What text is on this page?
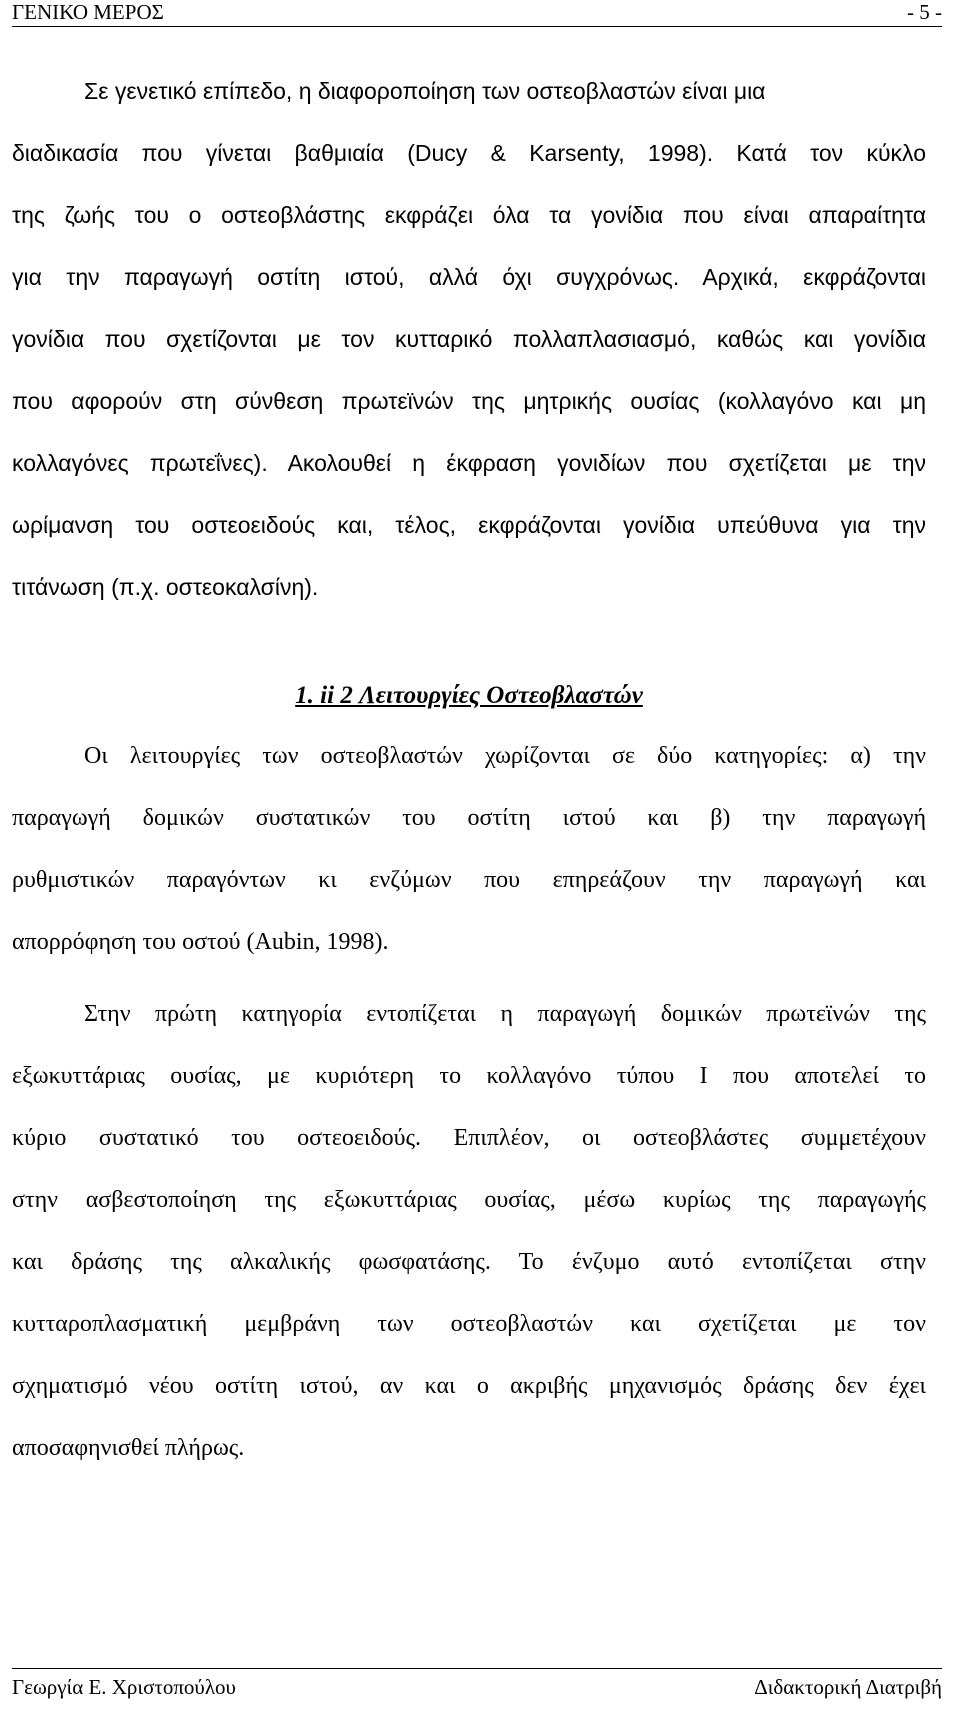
ΓΕΝΙΚΟ ΜΕΡΟΣ	- 5 -
Σε γενετικό επίπεδο, η διαφοροποίηση των οστεοβλαστών είναι μια
διαδικασία που γίνεται βαθμιαία (Ducy & Karsenty, 1998). Κατά τον κύκλο
της ζωής του ο οστεοβλάστης εκφράζει όλα τα γονίδια που είναι απαραίτητα
για την παραγωγή οστίτη ιστού, αλλά όχι συγχρόνως. Αρχικά, εκφράζονται
γονίδια που σχετίζονται με τον κυτταρικό πολλαπλασιασμό, καθώς και γονίδια
που αφορούν στη σύνθεση πρωτεϊνών της μητρικής ουσίας (κολλαγόνο και μη
κολλαγόνες πρωτεΐνες). Ακολουθεί η έκφραση γονιδίων που σχετίζεται με την
ωρίμανση του οστεοειδούς και, τέλος, εκφράζονται γονίδια υπεύθυνα για την
τιτάνωση (π.χ. οστεοκαλσίνη).
1. ii 2 Λειτουργίες Οστεοβλαστών
Οι λειτουργίες των οστεοβλαστών χωρίζονται σε δύο κατηγορίες: α) την
παραγωγή δομικών συστατικών του οστίτη ιστού και β) την παραγωγή
ρυθμιστικών παραγόντων κι ενζύμων που επηρεάζουν την παραγωγή και
απορρόφηση του οστού (Aubin, 1998).
Στην πρώτη κατηγορία εντοπίζεται η παραγωγή δομικών πρωτεϊνών της
εξωκυττάριας ουσίας, με κυριότερη το κολλαγόνο τύπου Ι που αποτελεί το
κύριο συστατικό του οστεοειδούς. Επιπλέον, οι οστεοβλάστες συμμετέχουν
στην ασβεστοποίηση της εξωκυττάριας ουσίας, μέσω κυρίως της παραγωγής
και δράσης της αλκαλικής φωσφατάσης. Το ένζυμο αυτό εντοπίζεται στην
κυτταροπλασματική μεμβράνη των οστεοβλαστών και σχετίζεται με τον
σχηματισμό νέου οστίτη ιστού, αν και ο ακριβής μηχανισμός δράσης δεν έχει
αποσαφηνισθεί πλήρως.
Γεωργία Ε. Χριστοπούλου	Διδακτορική Διατριβή
